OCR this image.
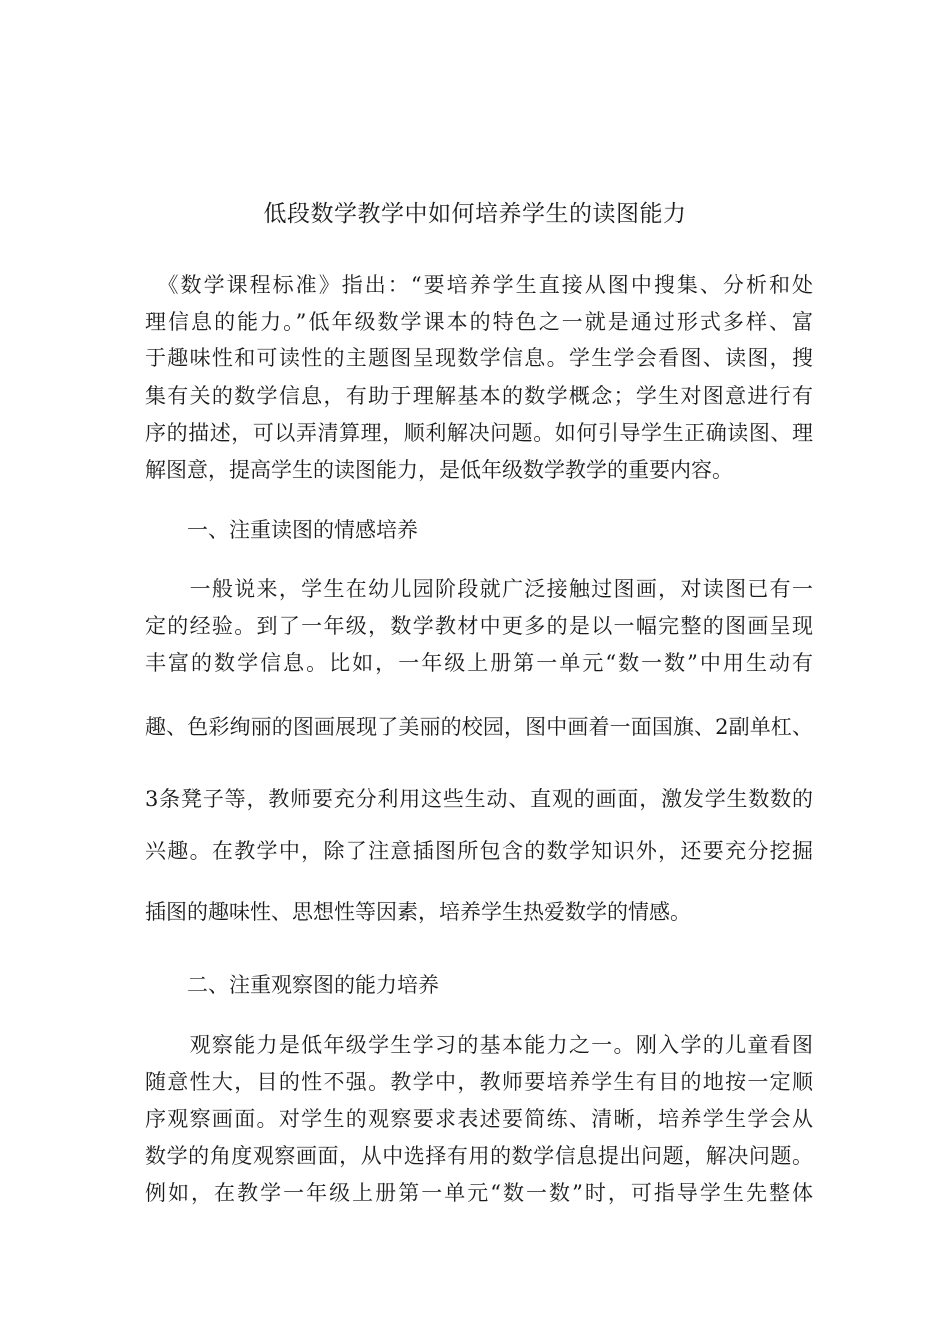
低段数学教学中如何培养学生的读图能力
　《数学课程标准》指出：“要培养学生直接从图中搜集、分析和处
理信息的能力。”低年级数学课本的特色之一就是通过形式多样、富
于趣味性和可读性的主题图呈现数学信息。学生学会看图、读图，搜
集有关的数学信息，有助于理解基本的数学概念；学生对图意进行有
序的描述，可以弄清算理，顺利解决问题。如何引导学生正确读图、理
解图意，提高学生的读图能力，是低年级数学教学的重要内容。
　　一、注重读图的情感培养
　　一般说来，学生在幼儿园阶段就广泛接触过图画，对读图已有一
定的经验。到了一年级，数学教材中更多的是以一幅完整的图画呈现
丰富的数学信息。比如，一年级上册第一单元“数一数”中用生动有
趣、色彩绚丽的图画展现了美丽的校园，图中画着一面国旗、2副单杠、
3条凳子等，教师要充分利用这些生动、直观的画面，激发学生数数的
兴趣。在教学中，除了注意插图所包含的数学知识外，还要充分挖掘
插图的趣味性、思想性等因素，培养学生热爱数学的情感。
　　二、注重观察图的能力培养
　　观察能力是低年级学生学习的基本能力之一。刚入学的儿童看图
随意性大，目的性不强。教学中，教师要培养学生有目的地按一定顺
序观察画面。对学生的观察要求表述要简练、清晰，培养学生学会从
数学的角度观察画面，从中选择有用的数学信息提出问题，解决问题。
例如，在教学一年级上册第一单元“数一数”时，可指导学生先整体
